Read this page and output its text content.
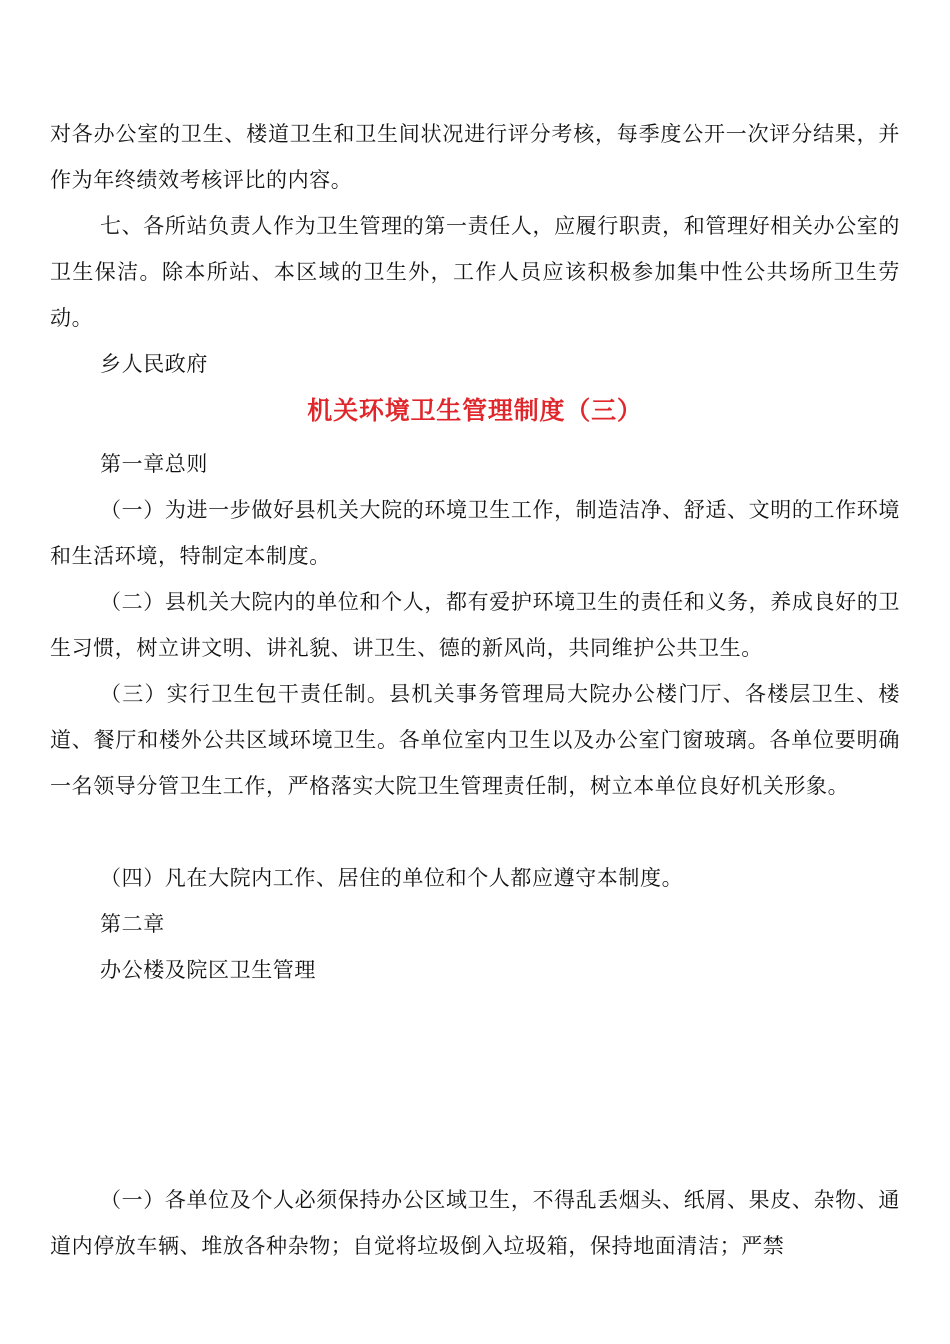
对各办公室的卫生、楼道卫生和卫生间状况进行评分考核，每季度公开一次评分结果，并作为年终绩效考核评比的内容。

七、各所站负责人作为卫生管理的第一责任人，应履行职责，和管理好相关办公室的卫生保洁。除本所站、本区域的卫生外，工作人员应该积极参加集中性公共场所卫生劳动。

乡人民政府

机关环境卫生管理制度（三）

第一章总则

（一）为进一步做好县机关大院的环境卫生工作，制造洁净、舒适、文明的工作环境和生活环境，特制定本制度。

（二）县机关大院内的单位和个人，都有爱护环境卫生的责任和义务，养成良好的卫生习惯，树立讲文明、讲礼貌、讲卫生、德的新风尚，共同维护公共卫生。

（三）实行卫生包干责任制。县机关事务管理局大院办公楼门厅、各楼层卫生、楼道、餐厅和楼外公共区域环境卫生。各单位室内卫生以及办公室门窗玻璃。各单位要明确一名领导分管卫生工作，严格落实大院卫生管理责任制，树立本单位良好机关形象。

（四）凡在大院内工作、居住的单位和个人都应遵守本制度。

第二章

办公楼及院区卫生管理

（一）各单位及个人必须保持办公区域卫生，不得乱丢烟头、纸屑、果皮、杂物、通道内停放车辆、堆放各种杂物；自觉将垃圾倒入垃圾箱，保持地面清洁；严禁
